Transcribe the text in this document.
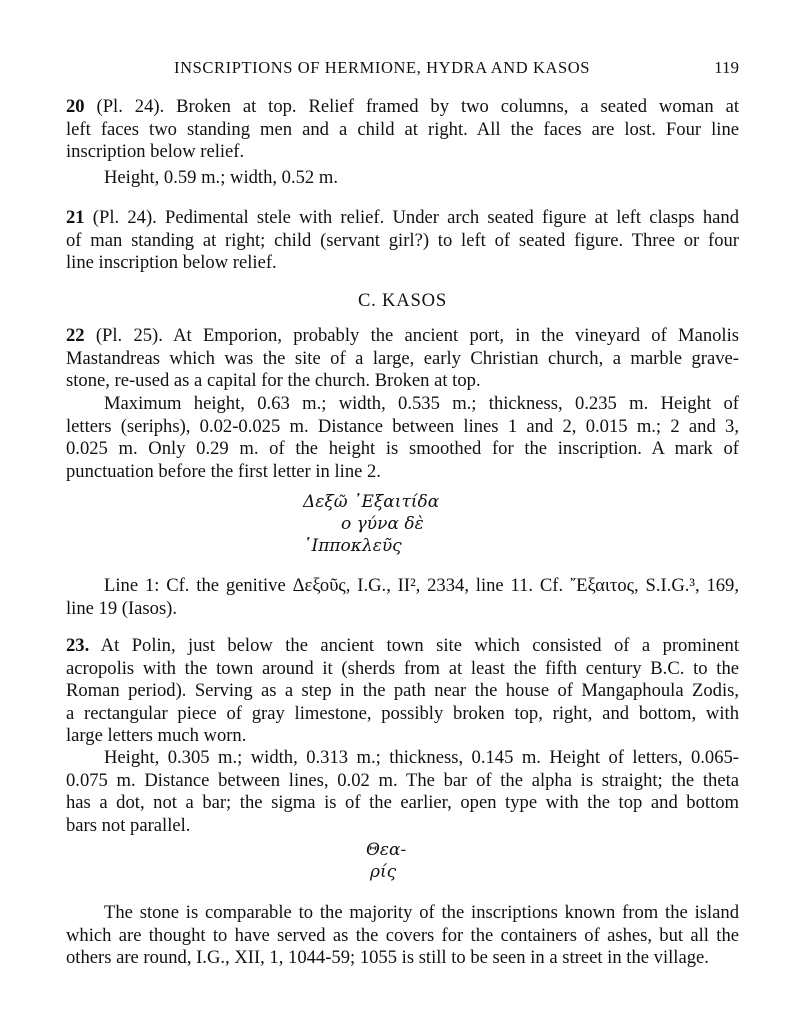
INSCRIPTIONS OF HERMIONE, HYDRA AND KASOS	119
20 (Pl. 24). Broken at top. Relief framed by two columns, a seated woman at
left faces two standing men and a child at right. All the faces are lost. Four line
inscription below relief.
Height, 0.59 m.; width, 0.52 m.
21 (Pl. 24). Pedimental stele with relief. Under arch seated figure at left clasps hand
of man standing at right; child (servant girl?) to left of seated figure. Three or four
line inscription below relief.
C. KASOS
22 (Pl. 25). At Emporion, probably the ancient port, in the vineyard of Manolis
Mastandreas which was the site of a large, early Christian church, a marble grave-
stone, re-used as a capital for the church. Broken at top.
Maximum height, 0.63 m.; width, 0.535 m.; thickness, 0.235 m. Height of
letters (seriphs), 0.02-0.025 m. Distance between lines 1 and 2, 0.015 m.; 2 and 3,
0.025 m. Only 0.29 m. of the height is smoothed for the inscription. A mark of
punctuation before the first letter in line 2.
Δεξῶ ᾿Εξαιτίδα
ο γύνα δὲ
῾Ιπποκλεῦς
Line 1: Cf. the genitive Δεξοῦς, I.G., II², 2334, line 11. Cf. ῎Εξαιτος, S.I.G.³, 169,
line 19 (Iasos).
23. At Polin, just below the ancient town site which consisted of a prominent
acropolis with the town around it (sherds from at least the fifth century B.C. to the
Roman period). Serving as a step in the path near the house of Mangaphoula Zodis,
a rectangular piece of gray limestone, possibly broken top, right, and bottom, with
large letters much worn.
Height, 0.305 m.; width, 0.313 m.; thickness, 0.145 m. Height of letters, 0.065-
0.075 m. Distance between lines, 0.02 m. The bar of the alpha is straight; the theta
has a dot, not a bar; the sigma is of the earlier, open type with the top and bottom
bars not parallel.
Θεα-
ρίς
The stone is comparable to the majority of the inscriptions known from the island
which are thought to have served as the covers for the containers of ashes, but all the
others are round, I.G., XII, 1, 1044-59; 1055 is still to be seen in a street in the village.
